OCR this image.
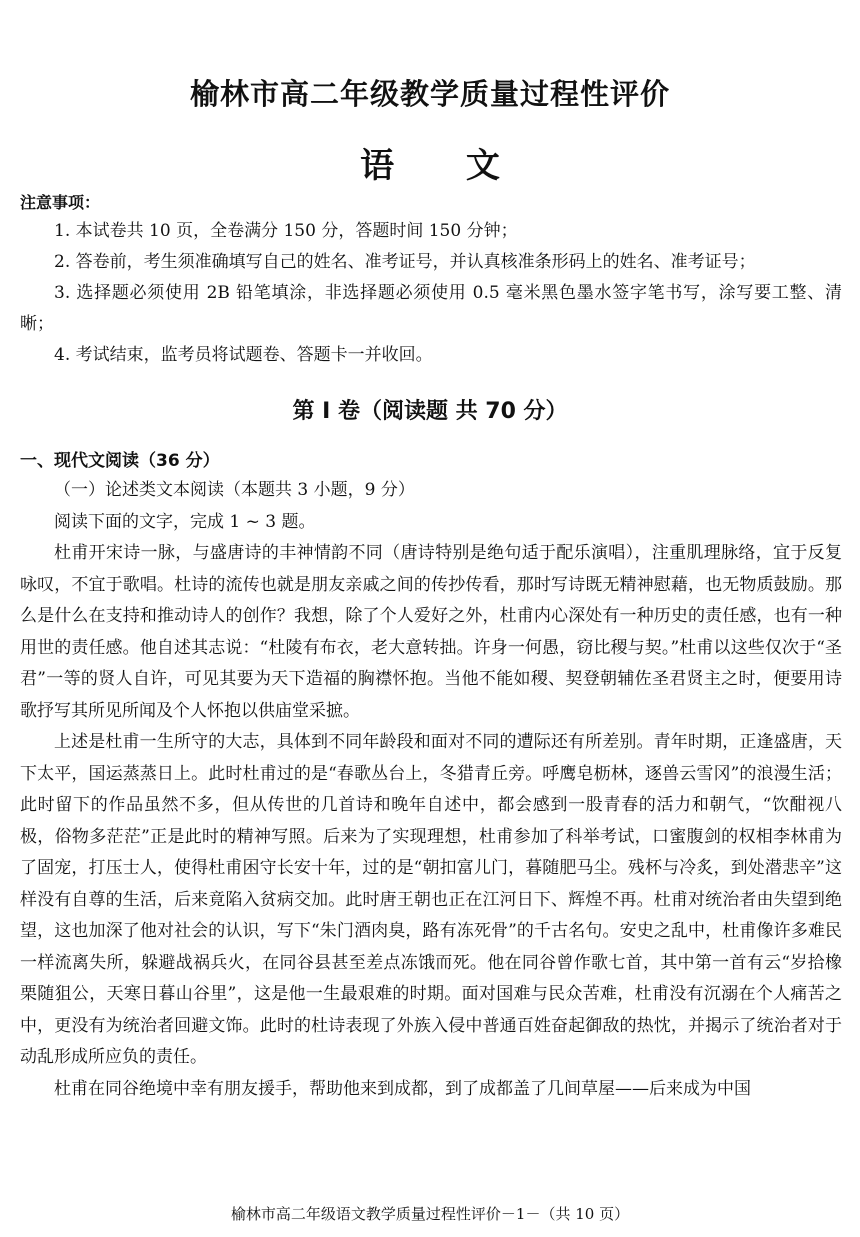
榆林市高二年级教学质量过程性评价
语 文
注意事项：

1. 本试卷共 10 页，全卷满分 150 分，答题时间 150 分钟；

2. 答卷前，考生须准确填写自己的姓名、准考证号，并认真核准条形码上的姓名、准考证号；

3. 选择题必须使用 2B 铅笔填涂，非选择题必须使用 0.5 毫米黑色墨水签字笔书写，涂写要工整、清晰；

4. 考试结束，监考员将试题卷、答题卡一并收回。

第 Ⅰ 卷（阅读题 共 70 分）
一、现代文阅读（36 分）

（一）论述类文本阅读（本题共 3 小题，9 分）

阅读下面的文字，完成 1 ~ 3 题。

杜甫开宋诗一脉，与盛唐诗的丰神情韵不同（唐诗特别是绝句适于配乐演唱），注重肌理脉络，宜于反复咏叹，不宜于歌唱。杜诗的流传也就是朋友亲戚之间的传抄传看，那时写诗既无精神慰藉，也无物质鼓励。那么是什么在支持和推动诗人的创作？我想，除了个人爱好之外，杜甫内心深处有一种历史的责任感，也有一种用世的责任感。他自述其志说：“杜陵有布衣，老大意转拙。许身一何愚，窃比稷与契。”杜甫以这些仅次于“圣君”一等的贤人自许，可见其要为天下造福的胸襟怀抱。当他不能如稷、契登朝辅佐圣君贤主之时，便要用诗歌抒写其所见所闻及个人怀抱以供庙堂采摭。

上述是杜甫一生所守的大志，具体到不同年龄段和面对不同的遭际还有所差别。青年时期，正逢盛唐，天下太平，国运蒸蒸日上。此时杜甫过的是“春歌丛台上，冬猎青丘旁。呼鹰皂枥林，逐兽云雪冈”的浪漫生活；此时留下的作品虽然不多，但从传世的几首诗和晚年自述中，都会感到一股青春的活力和朝气，“饮酣视八极，俗物多茫茫”正是此时的精神写照。后来为了实现理想，杜甫参加了科举考试，口蜜腹剑的权相李林甫为了固宠，打压士人，使得杜甫困守长安十年，过的是“朝扣富儿门，暮随肥马尘。残杯与冷炙，到处潜悲辛”这样没有自尊的生活，后来竟陷入贫病交加。此时唐王朝也正在江河日下、辉煌不再。杜甫对统治者由失望到绝望，这也加深了他对社会的认识，写下“朱门酒肉臭，路有冻死骨”的千古名句。安史之乱中，杜甫像许多难民一样流离失所，躲避战祸兵火，在同谷县甚至差点冻饿而死。他在同谷曾作歌七首，其中第一首有云“岁拾橡栗随狙公，天寒日暮山谷里”，这是他一生最艰难的时期。面对国难与民众苦难，杜甫没有沉溺在个人痛苦之中，更没有为统治者回避文饰。此时的杜诗表现了外族入侵中普通百姓奋起御敌的热忱，并揭示了统治者对于动乱形成所应负的责任。

杜甫在同谷绝境中幸有朋友援手，帮助他来到成都，到了成都盖了几间草屋——后来成为中国

榆林市高二年级语文教学质量过程性评价－1－（共 10 页）
